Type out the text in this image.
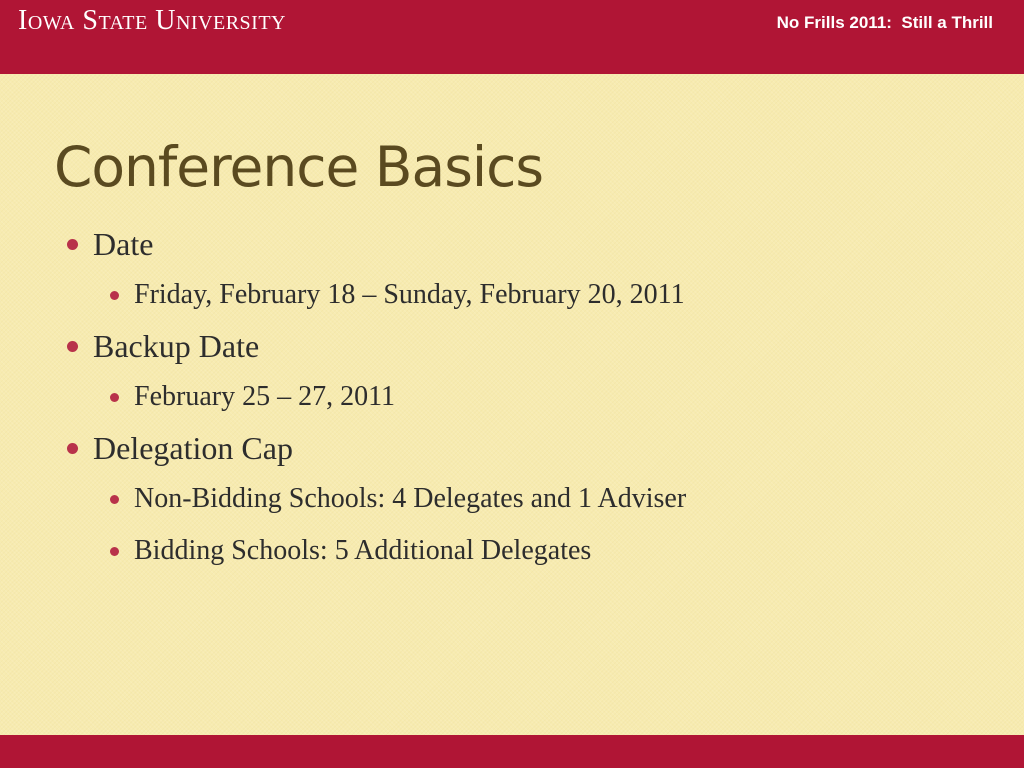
Iowa State University	No Frills 2011:  Still a Thrill
Conference Basics
Date
Friday, February 18 – Sunday, February 20, 2011
Backup Date
February 25 – 27, 2011
Delegation Cap
Non-Bidding Schools: 4 Delegates and 1 Adviser
Bidding Schools: 5 Additional Delegates
